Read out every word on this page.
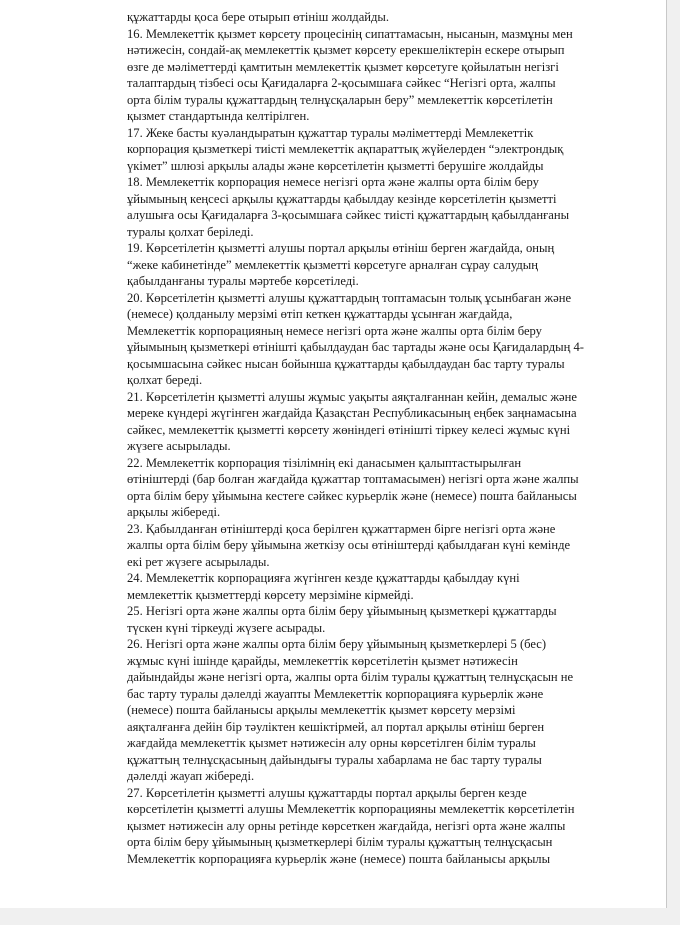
құжаттарды қоса бере отырып өтініш жолдайды.
16. Мемлекеттік қызмет көрсету процесінің сипаттамасын, нысанын, мазмұны мен
нәтижесін, сондай-ақ мемлекеттік қызмет көрсету ерекшеліктерін ескере отырып
өзге де мәліметтерді қамтитын мемлекеттік қызмет көрсетуге қойылатын негізгі
талаптардың тізбесі осы Қағидаларға 2-қосымшаға сәйкес “Негізгі орта, жалпы
орта білім туралы құжаттардың телнұсқаларын беру” мемлекеттік көрсетілетін
қызмет стандартында келтірілген.
17. Жеке басты куәландыратын құжаттар туралы мәліметтерді Мемлекеттік
корпорация қызметкері тиісті мемлекеттік ақпараттық жүйелерден “электрондық
үкімет” шлюзі арқылы алады және көрсетілетін қызметті берушіге жолдайды
18. Мемлекеттік корпорация немесе негізгі орта және жалпы орта білім беру
ұйымының кеңсесі арқылы құжаттарды қабылдау кезінде көрсетілетін қызметті
алушыға осы Қағидаларға 3-қосымшаға сәйкес тиісті құжаттардың қабылданғаны
туралы қолхат беріледі.
19. Көрсетілетін қызметті алушы портал арқылы өтініш берген жағдайда, оның
“жеке кабинетінде” мемлекеттік қызметті көрсетуге арналған сұрау салудың
қабылданғаны туралы мәртебе көрсетіледі.
20. Көрсетілетін қызметті алушы құжаттардың топтамасын толық ұсынбаған және
(немесе) қолданылу мерзімі өтіп кеткен құжаттарды ұсынған жағдайда,
Мемлекеттік корпорацияның немесе негізгі орта және жалпы орта білім беру
ұйымының қызметкері өтінішті қабылдаудан бас тартады және осы Қағидалардың 4-
қосымшасына сәйкес нысан бойынша құжаттарды қабылдаудан бас тарту туралы
қолхат береді.
21. Көрсетілетін қызметті алушы жұмыс уақыты аяқталғаннан кейін, демалыс және
мереке күндері жүгінген жағдайда Қазақстан Республикасының еңбек заңнамасына
сәйкес, мемлекеттік қызметті көрсету жөніндегі өтінішті тіркеу келесі жұмыс күні
жүзеге асырылады.
22. Мемлекеттік корпорация тізілімнің екі данасымен қалыптастырылған
өтініштерді (бар болған жағдайда құжаттар топтамасымен) негізгі орта және жалпы
орта білім беру ұйымына кестеге сәйкес курьерлік және (немесе) пошта байланысы
арқылы жібереді.
23. Қабылданған өтініштерді қоса берілген құжаттармен бірге негізгі орта және
жалпы орта білім беру ұйымына жеткізу осы өтініштерді қабылдаған күні кемінде
екі рет жүзеге асырылады.
24. Мемлекеттік корпорацияға жүгінген кезде құжаттарды қабылдау күні
мемлекеттік қызметтерді көрсету мерзіміне кірмейді.
25. Негізгі орта және жалпы орта білім беру ұйымының қызметкері құжаттарды
түскен күні тіркеуді жүзеге асырады.
26. Негізгі орта және жалпы орта білім беру ұйымының қызметкерлері 5 (бес)
жұмыс күні ішінде қарайды, мемлекеттік көрсетілетін қызмет нәтижесін
дайындайды және негізгі орта, жалпы орта білім туралы құжаттың телнұсқасын не
бас тарту туралы дәлелді жауапты Мемлекеттік корпорацияға курьерлік және
(немесе) пошта байланысы арқылы мемлекеттік қызмет көрсету мерзімі
аяқталғанға дейін бір тәуліктен кешіктірмей, ал портал арқылы өтініш берген
жағдайда мемлекеттік қызмет нәтижесін алу орны көрсетілген білім туралы
құжаттың телнұсқасының дайындығы туралы хабарлама не бас тарту туралы
дәлелді жауап жібереді.
27. Көрсетілетін қызметті алушы құжаттарды портал арқылы берген кезде
көрсетілетін қызметті алушы Мемлекеттік корпорацияны мемлекеттік көрсетілетін
қызмет нәтижесін алу орны ретінде көрсеткен жағдайда, негізгі орта және жалпы
орта білім беру ұйымының қызметкерлері білім туралы құжаттың телнұсқасын
Мемлекеттік корпорацияға курьерлік және (немесе) пошта байланысы арқылы
